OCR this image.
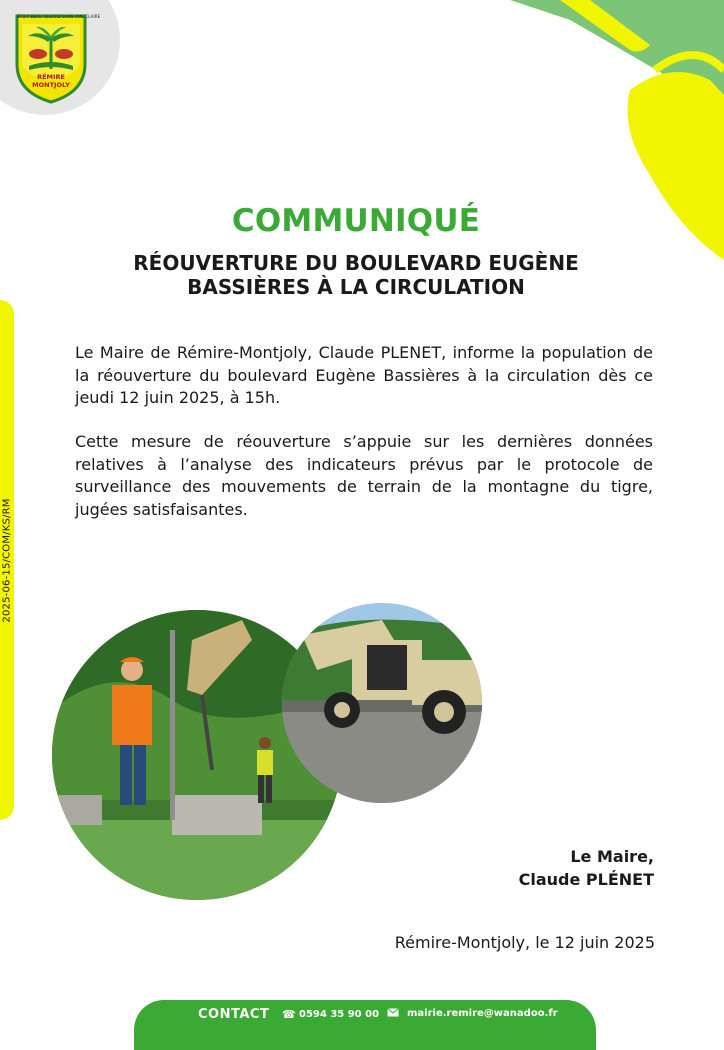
ÉTOIT BEAU REGARD SANS AME CLAIRE
RÉMIRE
MONTJOLY
2025-06-15/COM/KS/RM
COMMUNIQUÉ
RÉOUVERTURE DU BOULEVARD EUGÈNE
BASSIÈRES À LA CIRCULATION
Le Maire de Rémire-Montjoly, Claude PLENET, informe la population de la réouverture du boulevard Eugène Bassières à la circulation dès ce jeudi 12 juin 2025, à 15h.
Cette mesure de réouverture s’appuie sur les dernières données relatives à l’analyse des indicateurs prévus par le protocole de surveillance des mouvements de terrain de la montagne du tigre, jugées satisfaisantes.
Le Maire,
Claude PLÉNET
Rémire-Montjoly, le 12 juin 2025
CONTACT ☎ 0594 35 90 00	mairie.remire@wanadoo.fr
